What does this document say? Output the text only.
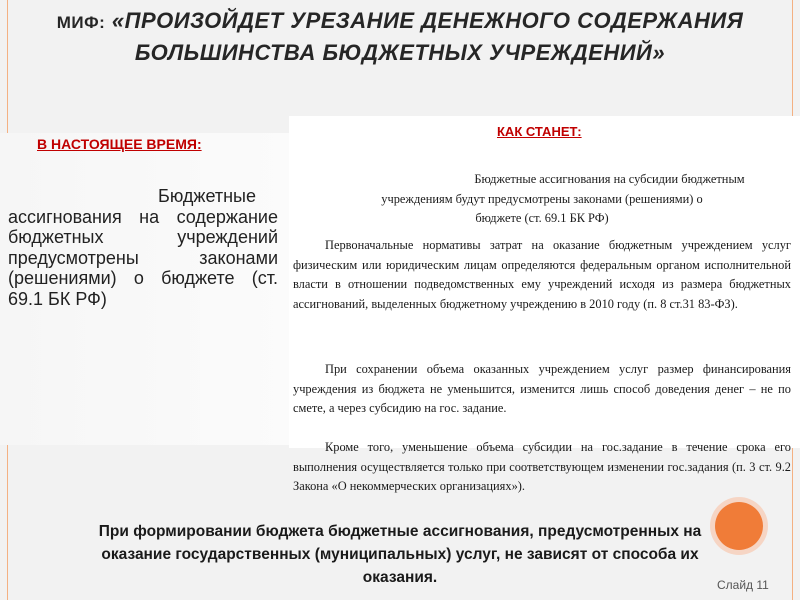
МИФ: «ПРОИЗОЙДЕТ УРЕЗАНИЕ ДЕНЕЖНОГО СОДЕРЖАНИЯ БОЛЬШИНСТВА БЮДЖЕТНЫХ УЧРЕЖДЕНИЙ»
В НАСТОЯЩЕЕ ВРЕМЯ:
Бюджетные ассигнования на содержание бюджетных учреждений предусмотрены законами (решениями) о бюджете (ст. 69.1 БК РФ)
КАК СТАНЕТ:
Бюджетные ассигнования на субсидии бюджетным
учреждениям будут предусмотрены законами (решениями) о
бюджете (ст. 69.1 БК РФ)
Первоначальные нормативы затрат на оказание бюджетным учреждением услуг физическим или юридическим лицам определяются федеральным органом исполнительной власти в отношении подведомственных ему учреждений исходя из размера бюджетных ассигнований, выделенных бюджетному учреждению в 2010 году (п. 8 ст.31 83-ФЗ).
При сохранении объема оказанных учреждением услуг размер финансирования учреждения из бюджета не уменьшится, изменится лишь способ доведения денег – не по смете, а через субсидию на гос. задание.
Кроме того, уменьшение объема субсидии на гос.задание в течение срока его выполнения осуществляется только при соответствующем изменении гос.задания (п. 3 ст. 9.2 Закона «О некоммерческих организациях»).
При формировании бюджета бюджетные ассигнования, предусмотренных на
оказание государственных (муниципальных) услуг, не зависят от способа их
оказания.	Слайд 11
